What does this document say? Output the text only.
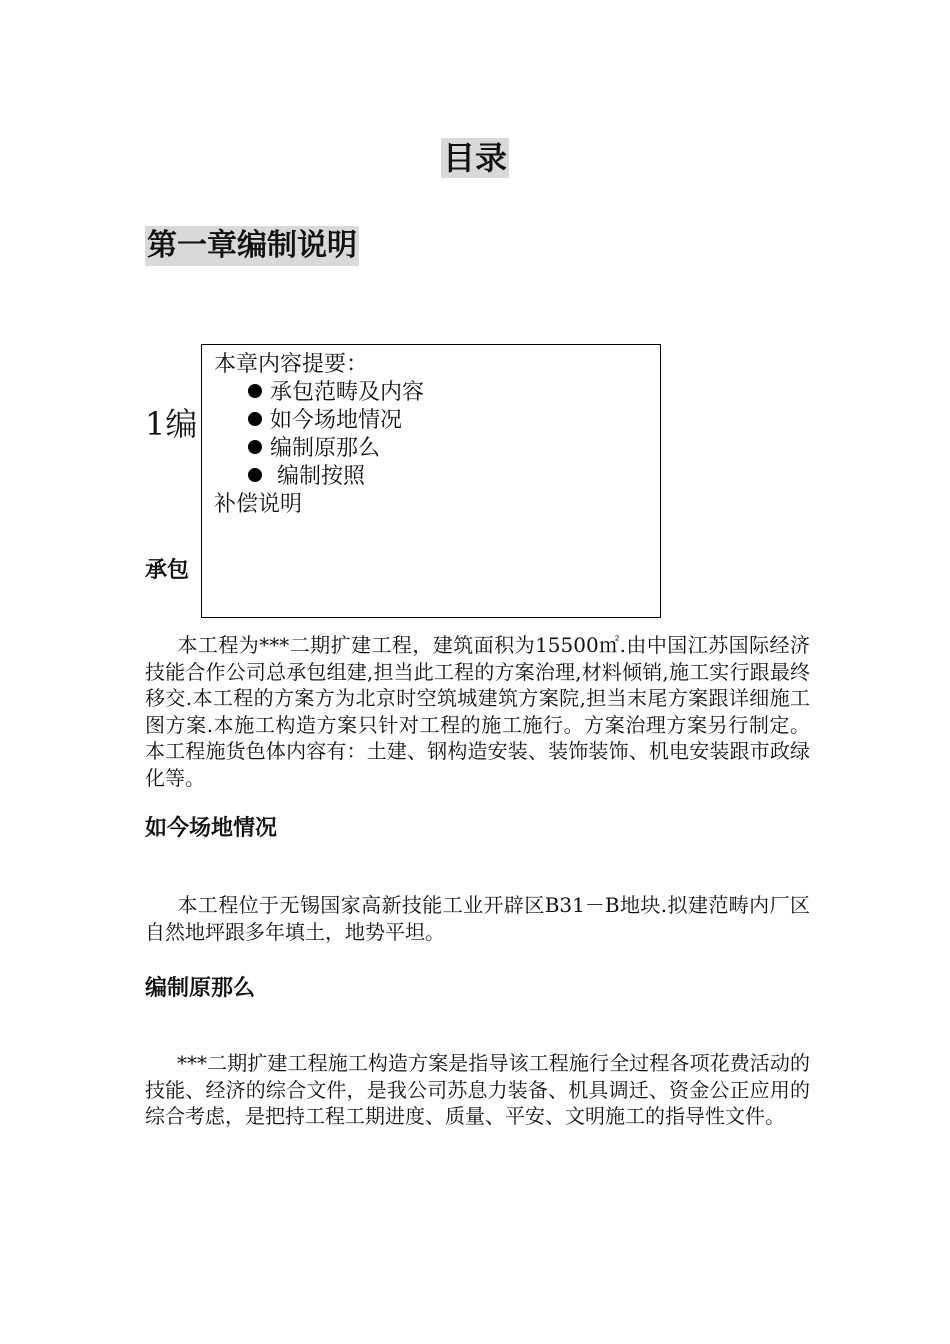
目录
第一章编制说明
1编
承包

本章内容提要：

承包范畴及内容
如今场地情况
编制原那么
编制按照

补偿说明

本工程为***二期扩建工程，建筑面积为15500㎡.由中国江苏国际经济技能合作公司总承包组建,担当此工程的方案治理,材料倾销,施工实行跟最终移交.本工程的方案方为北京时空筑城建筑方案院,担当末尾方案跟详细施工图方案.本施工构造方案只针对工程的施工施行。方案治理方案另行制定。本工程施货色体内容有：土建、钢构造安装、装饰装饰、机电安装跟市政绿化等。

如今场地情况

本工程位于无锡国家高新技能工业开辟区B31－B地块.拟建范畴内厂区自然地坪跟多年填土，地势平坦。

编制原那么

***二期扩建工程施工构造方案是指导该工程施行全过程各项花费活动的技能、经济的综合文件，是我公司苏息力装备、机具调迁、资金公正应用的综合考虑，是把持工程工期进度、质量、平安、文明施工的指导性文件。
